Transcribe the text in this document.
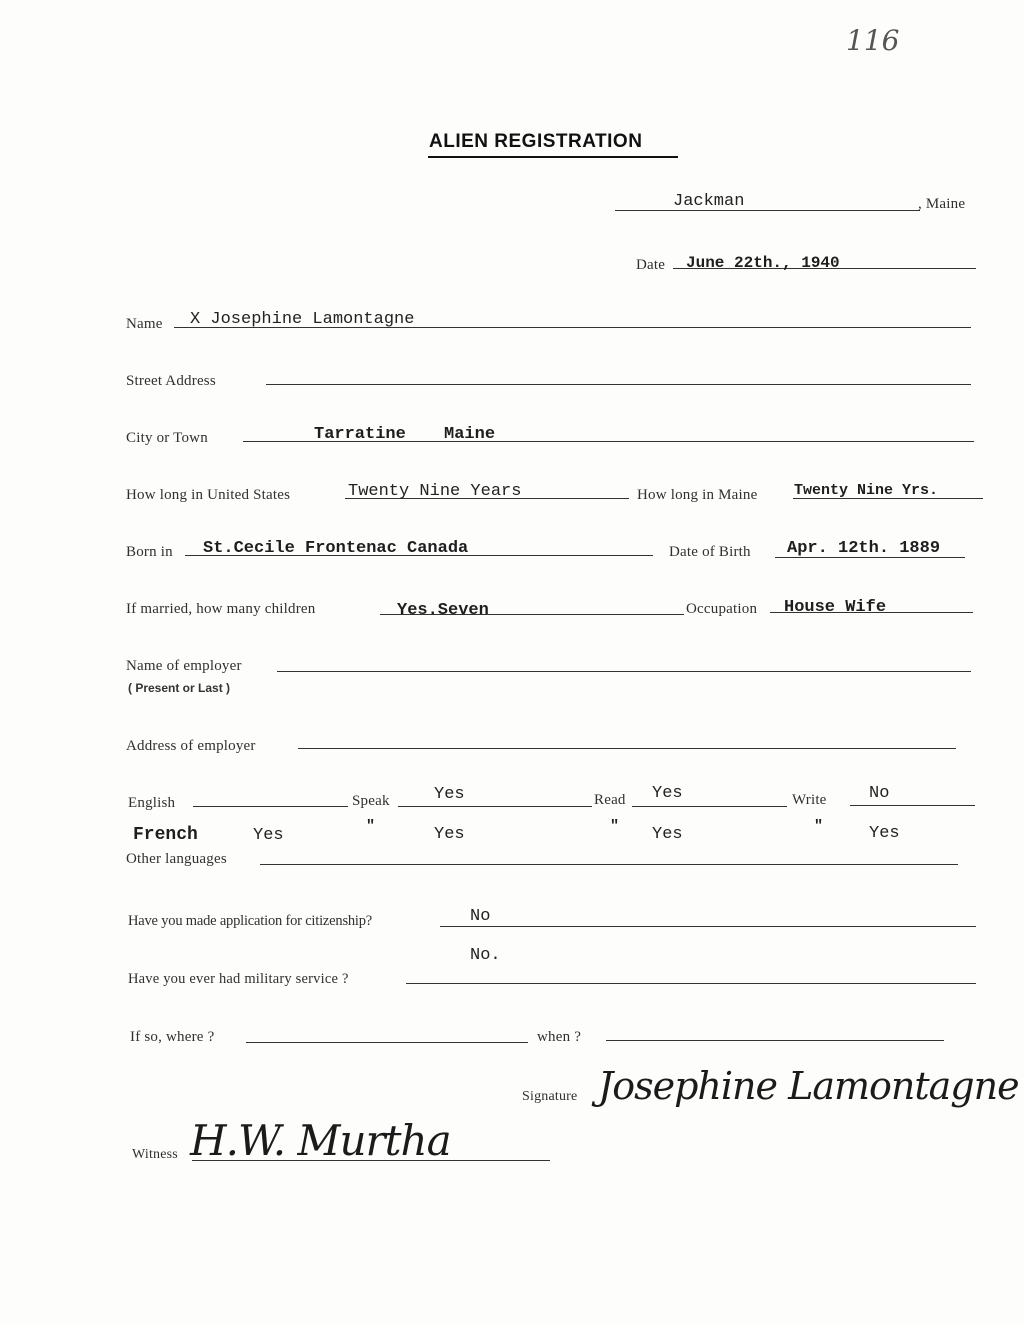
116
ALIEN REGISTRATION
Jackman	, Maine
Date June 22th., 1940
Name X Josephine Lamontagne
Street Address
City or Town	Tarratine Maine
How long in United States	Twenty Nine Years	How long in Maine Twenty Nine Yrs.
Born in St.Cecile Frontenac Canada	Date of Birth Apr. 12th. 1889
If married, how many children	Yes.Seven	Occupation House Wife
Name of employer
( Present or Last )
Address of employer
English	Speak	Yes	Read Yes	Write No
French	Yes	"	Yes	" Yes	"	Yes
Other languages
Have you made application for citizenship?	No
No.
Have you ever had military service ?
If so, where ?	when ?
Signature Josephine Lamontagne
Witness H.W. Murtha
